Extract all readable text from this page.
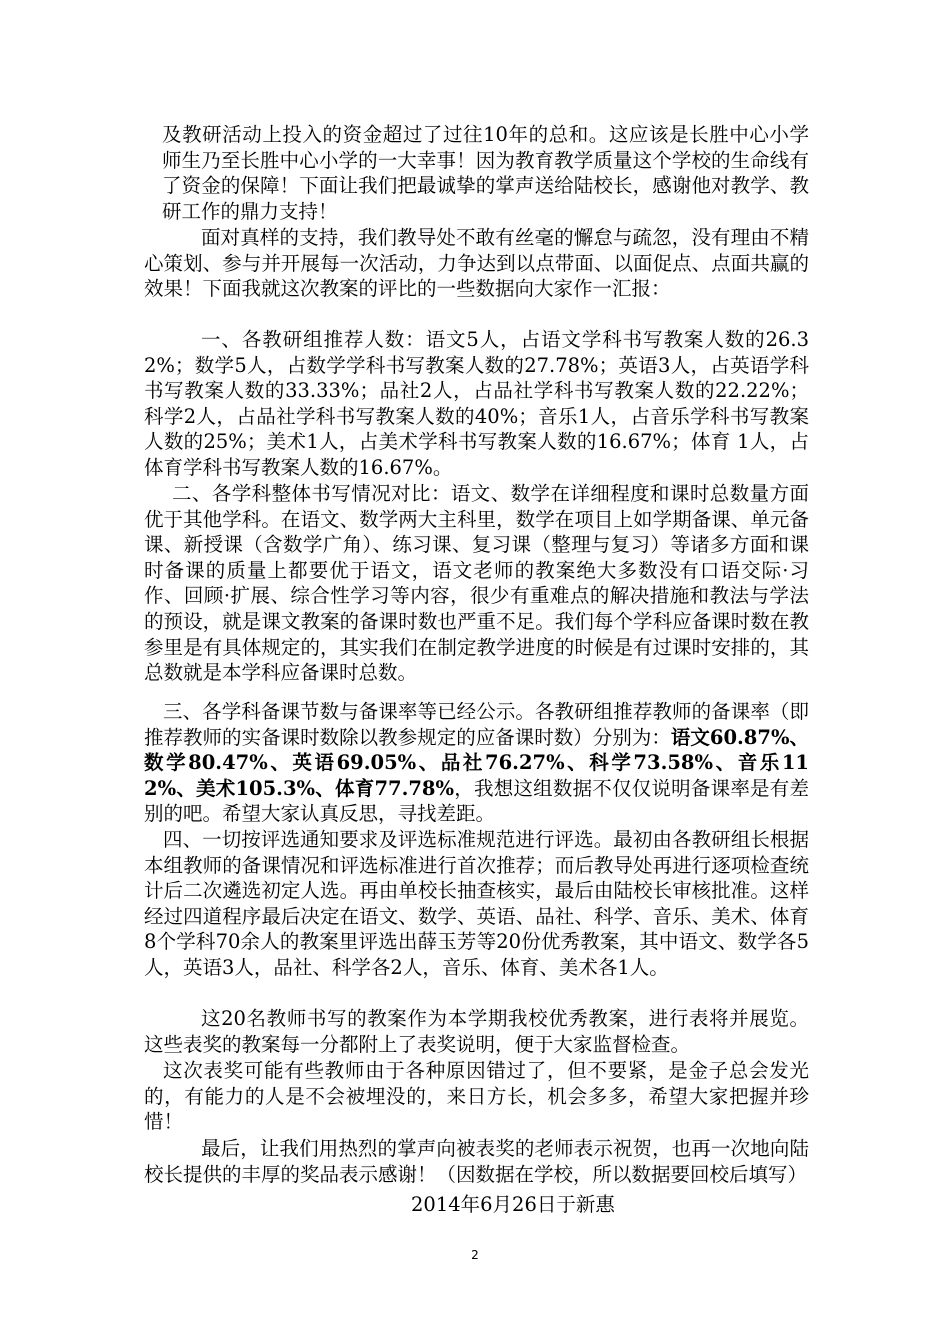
及教研活动上投入的资金超过了过往10年的总和。这应该是长胜中心小学师生乃至长胜中心小学的一大幸事！因为教育教学质量这个学校的生命线有了资金的保障！下面让我们把最诚挚的掌声送给陆校长，感谢他对教学、教研工作的鼎力支持！

面对真样的支持，我们教导处不敢有丝毫的懈怠与疏忽，没有理由不精心策划、参与并开展每一次活动，力争达到以点带面、以面促点、点面共赢的效果！下面我就这次教案的评比的一些数据向大家作一汇报：

一、各教研组推荐人数：语文5人，占语文学科书写教案人数的26.32%；数学5人，占数学学科书写教案人数的27.78%；英语3人，占英语学科书写教案人数的33.33%；品社2人，占品社学科书写教案人数的22.22%；科学2人，占品社学科书写教案人数的40%；音乐1人，占音乐学科书写教案人数的25%；美术1人，占美术学科书写教案人数的16.67%；体育 1人，占体育学科书写教案人数的16.67%。

二、各学科整体书写情况对比：语文、数学在详细程度和课时总数量方面优于其他学科。在语文、数学两大主科里，数学在项目上如学期备课、单元备课、新授课（含数学广角）、练习课、复习课（整理与复习）等诸多方面和课时备课的质量上都要优于语文，语文老师的教案绝大多数没有口语交际·习作、回顾·扩展、综合性学习等内容，很少有重难点的解决措施和教法与学法的预设，就是课文教案的备课时数也严重不足。我们每个学科应备课时数在教参里是有具体规定的，其实我们在制定教学进度的时候是有过课时安排的，其总数就是本学科应备课时总数。

三、各学科备课节数与备课率等已经公示。各教研组推荐教师的备课率（即推荐教师的实备课时数除以教参规定的应备课时数）分别为：语文60.87%、数学80.47%、英语69.05%、品社76.27%、科学73.58%、音乐112%、美术105.3%、体育77.78%，我想这组数据不仅仅说明备课率是有差别的吧。希望大家认真反思，寻找差距。

四、一切按评选通知要求及评选标准规范进行评选。最初由各教研组长根据本组教师的备课情况和评选标准进行首次推荐；而后教导处再进行逐项检查统计后二次遴选初定人选。再由单校长抽查核实，最后由陆校长审核批准。这样经过四道程序最后决定在语文、数学、英语、品社、科学、音乐、美术、体育8个学科70余人的教案里评选出薛玉芳等20份优秀教案，其中语文、数学各5人，英语3人，品社、科学各2人，音乐、体育、美术各1人。

这20名教师书写的教案作为本学期我校优秀教案，进行表将并展览。这些表奖的教案每一分都附上了表奖说明，便于大家监督检查。

这次表奖可能有些教师由于各种原因错过了，但不要紧，是金子总会发光的，有能力的人是不会被埋没的，来日方长，机会多多，希望大家把握并珍惜！

最后，让我们用热烈的掌声向被表奖的老师表示祝贺，也再一次地向陆校长提供的丰厚的奖品表示感谢！（因数据在学校，所以数据要回校后填写）

2014年6月26日于新惠
2
